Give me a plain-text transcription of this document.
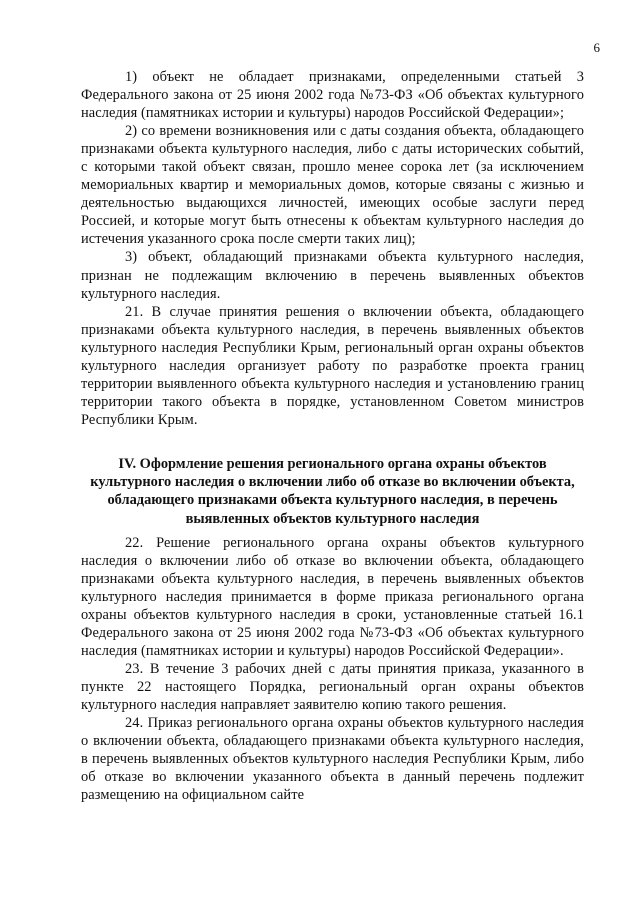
6

1) объект не обладает признаками, определенными статьей 3 Федерального закона от 25 июня 2002 года №73-ФЗ «Об объектах культурного наследия (памятниках истории и культуры) народов Российской Федерации»;

2) со времени возникновения или с даты создания объекта, обладающего признаками объекта культурного наследия, либо с даты исторических событий, с которыми такой объект связан, прошло менее сорока лет (за исключением мемориальных квартир и мемориальных домов, которые связаны с жизнью и деятельностью выдающихся личностей, имеющих особые заслуги перед Россией, и которые могут быть отнесены к объектам культурного наследия до истечения указанного срока после смерти таких лиц);

3) объект, обладающий признаками объекта культурного наследия, признан не подлежащим включению в перечень выявленных объектов культурного наследия.

21. В случае принятия решения о включении объекта, обладающего признаками объекта культурного наследия, в перечень выявленных объектов культурного наследия Республики Крым, региональный орган охраны объектов культурного наследия организует работу по разработке проекта границ территории выявленного объекта культурного наследия и установлению границ территории такого объекта в порядке, установленном Советом министров Республики Крым.

IV. Оформление решения регионального органа охраны объектов культурного наследия о включении либо об отказе во включении объекта, обладающего признаками объекта культурного наследия, в перечень выявленных объектов культурного наследия

22. Решение регионального органа охраны объектов культурного наследия о включении либо об отказе во включении объекта, обладающего признаками объекта культурного наследия, в перечень выявленных объектов культурного наследия принимается в форме приказа регионального органа охраны объектов культурного наследия в сроки, установленные статьей 16.1 Федерального закона от 25 июня 2002 года №73-ФЗ «Об объектах культурного наследия (памятниках истории и культуры) народов Российской Федерации».

23. В течение 3 рабочих дней с даты принятия приказа, указанного в пункте 22 настоящего Порядка, региональный орган охраны объектов культурного наследия направляет заявителю копию такого решения.

24. Приказ регионального органа охраны объектов культурного наследия о включении объекта, обладающего признаками объекта культурного наследия, в перечень выявленных объектов культурного наследия Республики Крым, либо об отказе во включении указанного объекта в данный перечень подлежит размещению на официальном сайте
